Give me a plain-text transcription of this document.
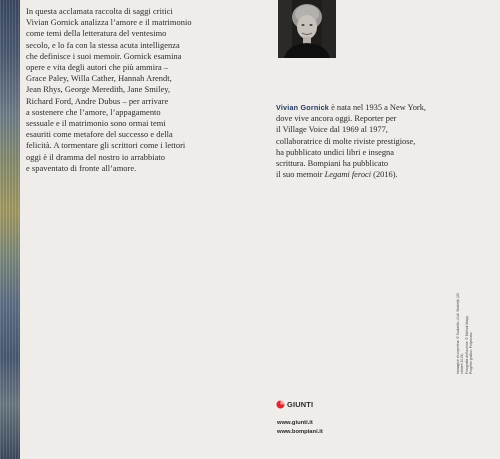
In questa acclamata raccolta di saggi critici
Vivian Gornick analizza l’amore e il matrimonio
come temi della letteratura del ventesimo
secolo, e lo fa con la stessa acuta intelligenza
che definisce i suoi memoir. Gornick esamina
opere e vita degli autori che più ammira –
Grace Paley, Willa Cather, Hannah Arendt,
Jean Rhys, George Meredith, Jane Smiley,
Richard Ford, Andre Dubus – per arrivare
a sostenere che l’amore, l’appagamento
sessuale e il matrimonio sono ormai temi
esauriti come metafore del successo e della
felicità. A tormentare gli scrittori come i lettori
oggi è il dramma del nostro io arrabbiato
e spaventato di fronte all’amore.

Vivian Gornick è nata nel 1935 a New York,
dove vive ancora oggi. Reporter per
il Village Voice dal 1969 al 1977,
collaboratrice di molte riviste prestigiose,
ha pubblicato undici libri e insegna
scrittura. Bompiani ha pubblicato
il suo memoir Legami feroci (2016).

Immagine di copertina: © Scala/Art.-Coll. Stedelijk (22 ottobre 2019). Fotografia dell’autrice: © Mikhail Mapp. Progetto grafico: Polystudio.
GIUNTI
www.giunti.it
www.bompiani.it
